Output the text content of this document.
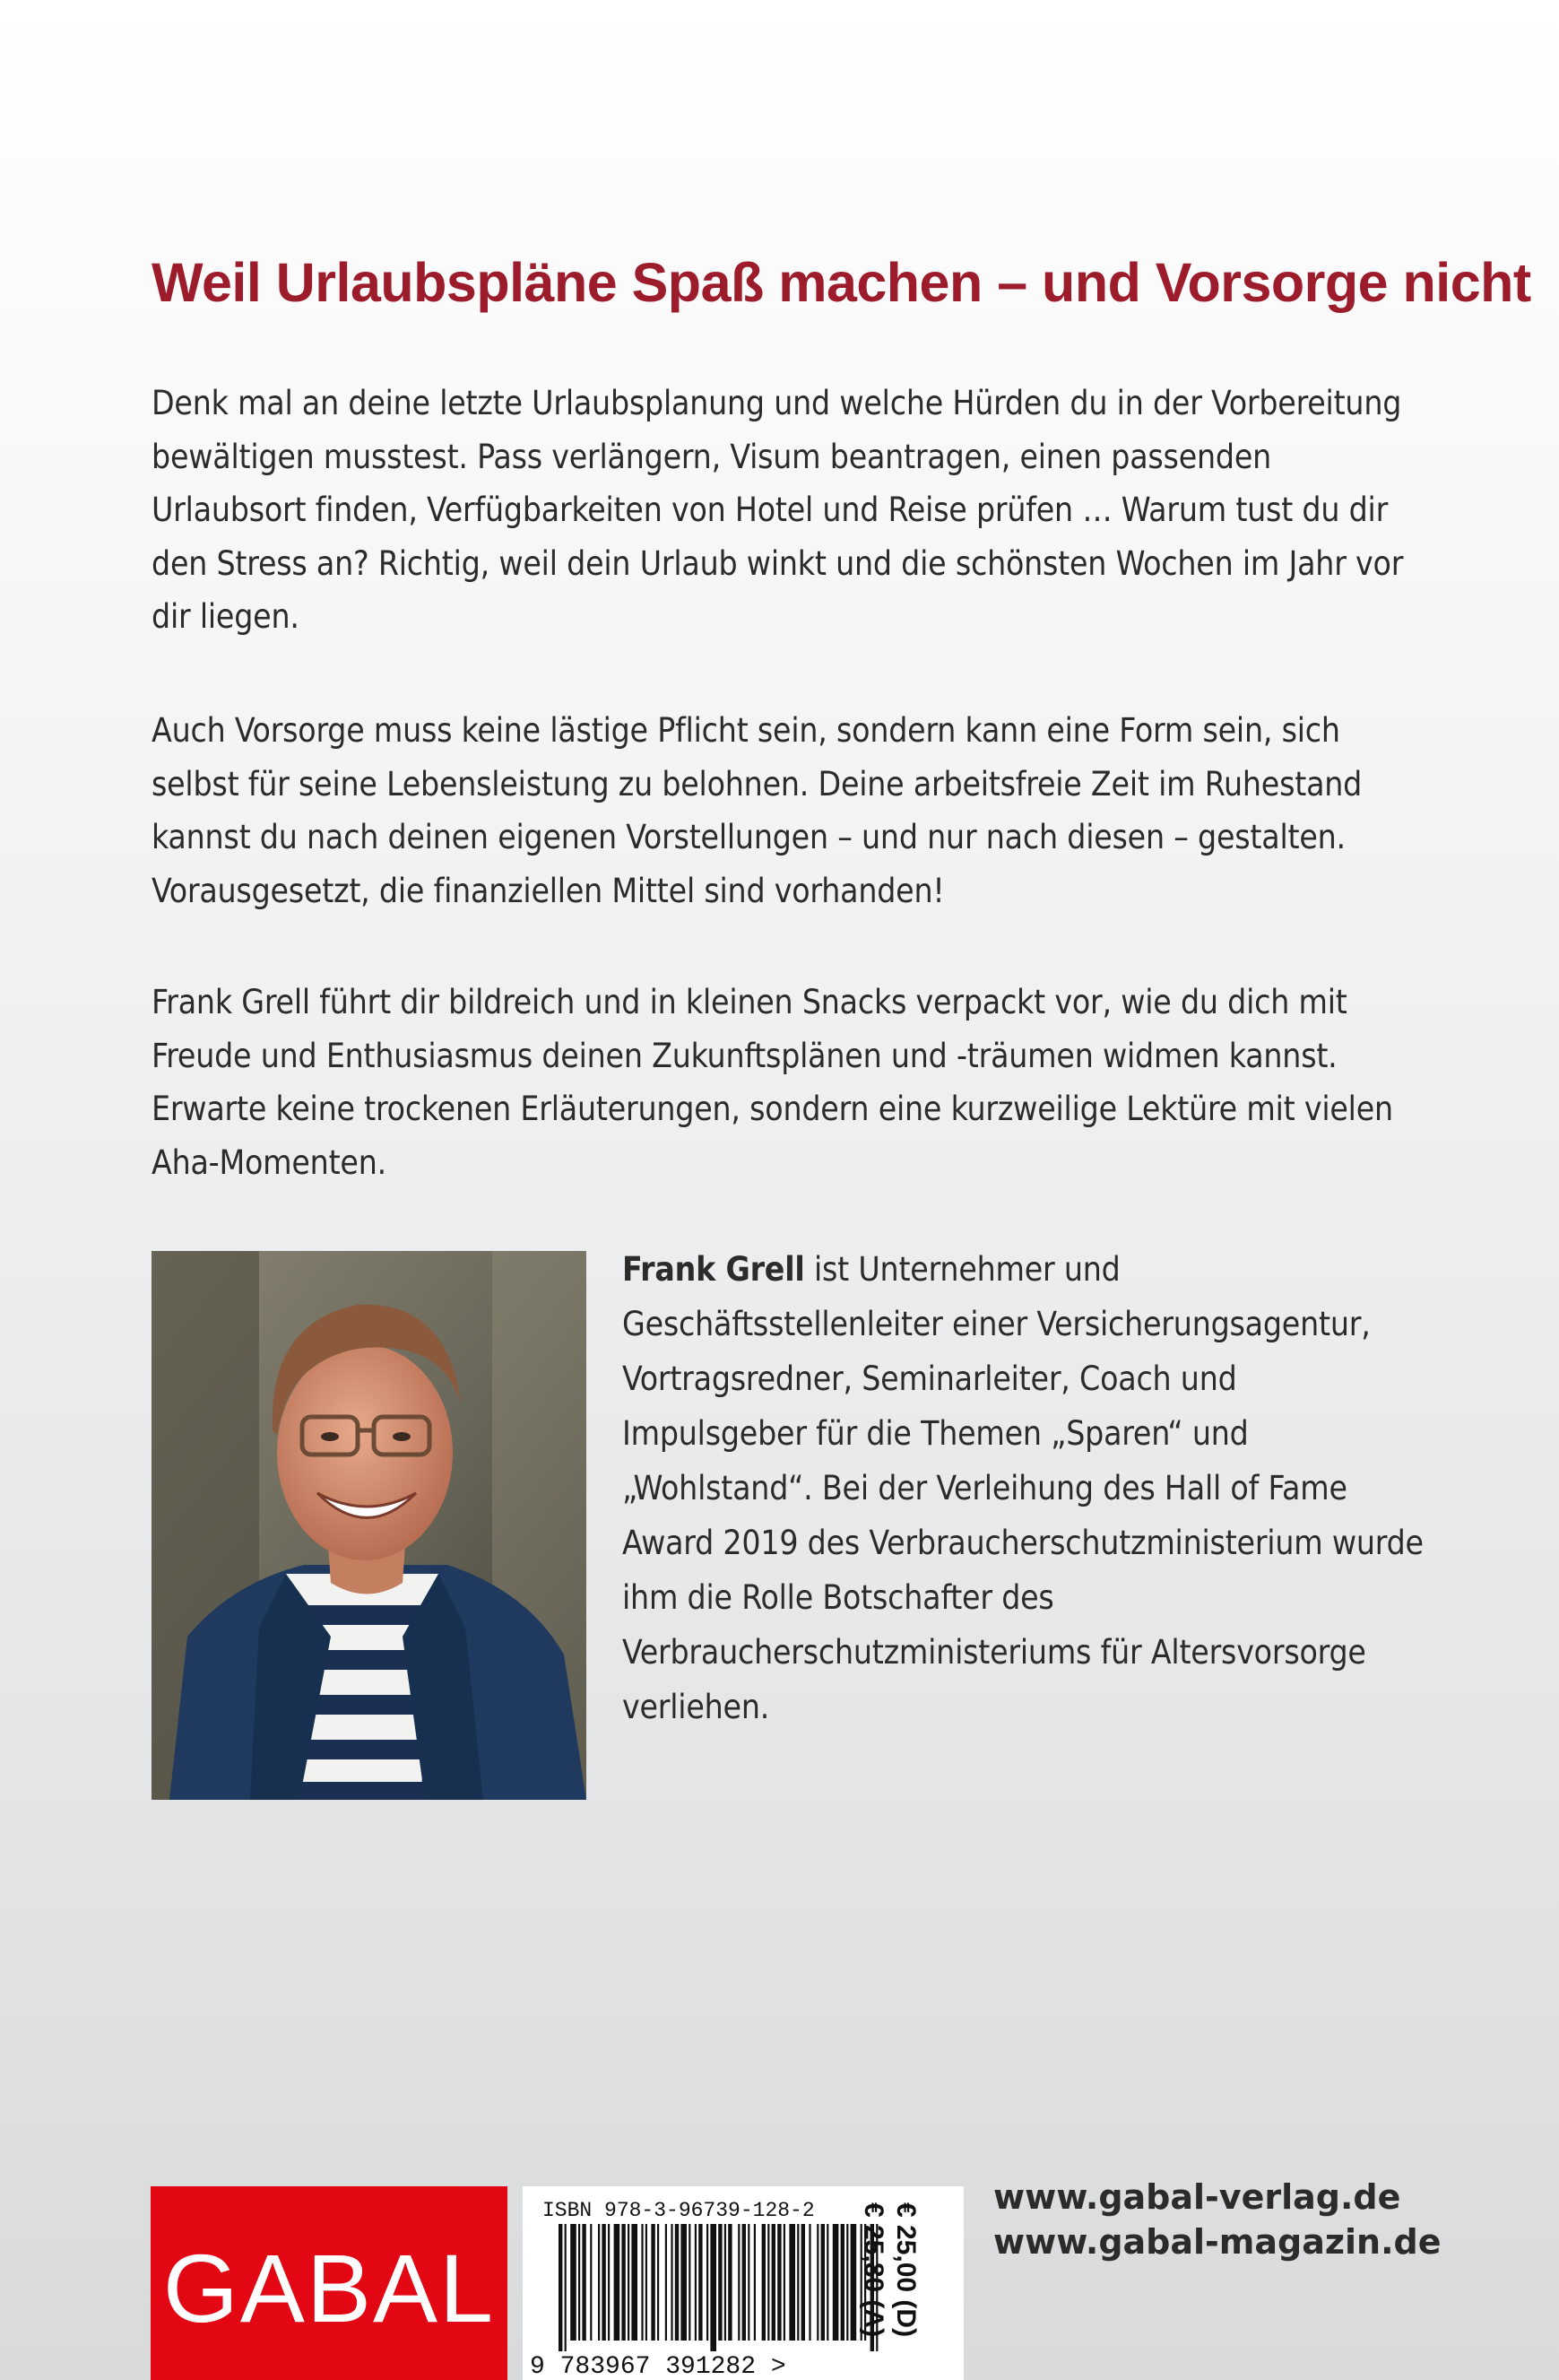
Weil Urlaubspläne Spaß machen – und Vorsorge nicht

Denk mal an deine letzte Urlaubsplanung und welche Hürden du in der Vorbereitung bewältigen musstest. Pass verlängern, Visum beantragen, einen passenden Urlaubsort finden, Verfügbarkeiten von Hotel und Reise prüfen … Warum tust du dir den Stress an? Richtig, weil dein Urlaub winkt und die schönsten Wochen im Jahr vor dir liegen.

Auch Vorsorge muss keine lästige Pflicht sein, sondern kann eine Form sein, sich selbst für seine Lebensleistung zu belohnen. Deine arbeitsfreie Zeit im Ruhestand kannst du nach deinen eigenen Vorstellungen – und nur nach diesen – gestalten. Vorausgesetzt, die finanziellen Mittel sind vorhanden!

Frank Grell führt dir bildreich und in kleinen Snacks verpackt vor, wie du dich mit Freude und Enthusiasmus deinen Zukunftsplänen und -träumen widmen kannst. Erwarte keine trockenen Erläuterungen, sondern eine kurzweilige Lektüre mit vielen Aha-Momenten.

Frank Grell ist Unternehmer und Geschäftsstellenleiter einer Versicherungsagentur, Vortragsredner, Seminarleiter, Coach und Impulsgeber für die Themen „Sparen“ und „Wohlstand“. Bei der Verleihung des Hall of Fame Award 2019 des Verbraucherschutzministerium wurde ihm die Rolle Botschafter des Verbraucherschutzministeriums für Altersvorsorge verliehen.

GABAL
ISBN 978-3-96739-128-2
9 783967 391282 >
€ 25,00 (D)
€ 25,80 (A)

www.gabal-verlag.de

www.gabal-magazin.de
